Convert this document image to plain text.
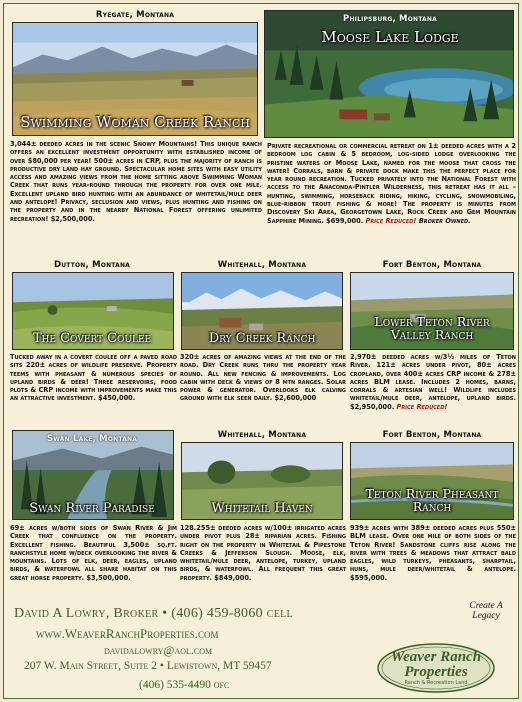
Ryegate, Montana
Swimming Woman Creek Ranch
3,044± deeded acres in the scenic Snowy Mountains! This unique ranch offers an excellent investment opportunity with established income of over $80,000 per year! 500± acres in CRP, plus the majority of ranch is productive dry land hay ground. Spectacular home sites with easy utility access and amazing views from the home sitting above Swimming Woman Creek that runs year-round through the property for over one mile. Excellent upland bird hunting with an abundance of whitetail/mule deer and antelope! Privacy, seclusion and views, plus hunting and fishing on the property and in the nearby National Forest offering unlimited recreation! $2,500,000.
Philipsburg, Montana
Moose Lake Lodge
Private recreational or commercial retreat on 1± deeded acres with a 2 bedroom log cabin & 5 bedroom, log-sided lodge overlooking the pristine waters of Moose Lake, named for the moose that cross the water! Corrals, barn & private dock make this the perfect place for year round recreation. Tucked privately into the National Forest with access to the Anaconda-Pintler Wilderness, this retreat has it all – hunting, swimming, horseback riding, hiking, cycling, snowmobiling, blue-ribbon trout fishing & more! The property is minutes from Discovery Ski Area, Georgetown Lake, Rock Creek and Gem Mountain Sapphire Mining. $699,000. Price Reduced! Broker Owned.
Dutton, Montana
The Covert Coulee
Tucked away in a covert coulee off a paved road sits 220± acres of wildlife preserve. Property teems with pheasant & numerous species of upland birds & deer! Three reservoirs, food plots & CRP income with improvements make this an attractive investment. $450,000.
Whitehall, Montana
Dry Creek Ranch
320± acres of amazing views at the end of the road. Dry Creek runs thru the property year round. All new fencing & improvements. Log cabin with deck & views of 8 mtn ranges. Solar power & generator. Overlooks elk calving ground with elk seen daily. $2,600,000
Fort Benton, Montana
Lower Teton River Valley Ranch
2,970± deeded acres w/3½ miles of Teton River. 121± acres under pivot, 80± acres cropland, over 400± acres CRP income & 278± acres BLM lease. Includes 2 homes, barns, corrals & artesian well! Wildlife includes whitetail/mule deer, antelope, upland birds. $2,950,000. Price Reduced!
Swan Lake, Montana
Swan River Paradise
69± acres w/both sides of Swan River & Jim Creek that confluence on the property. Excellent fishing. Beautiful 3,500± sq.ft. ranchstyle home w/deck overlooking the river & mountains. Lots of elk, deer, eagles, upland birds, & waterfowl all share habitat on this great horse property. $3,500,000.
Whitehall, Montana
Whitetail Haven
128.255± deeded acres w/100± irrigated acres under pivot plus 28± riparian acres. Fishing right on the property in Whitetail & Pipestone Creeks & Jefferson Slough. Moose, elk, whitetail/mule deer, antelope, turkey, upland birds, & waterfowl. All frequent this great property. $849,000.
Fort Benton, Montana
Teton River Pheasant Ranch
939± acres with 389± deeded acres plus 550± BLM lease. Over one mile of both sides of the Teton River! Sandstone cliffs rise along the river with trees & meadows that attract bald eagles, wild turkeys, pheasants, sharptail, huns, mule deer/whitetail & antelope. $595,000.
David A Lowry, Broker • (406) 459-8060 cell
www.WeaverRanchProperties.com
davidalowry@aol.com
207 W. Main Street, Suite 2 • Lewistown, MT 59457
(406) 535-4490 ofc
Create A Legacy
Weaver Ranch
Properties
Ranch & Recreation Land
